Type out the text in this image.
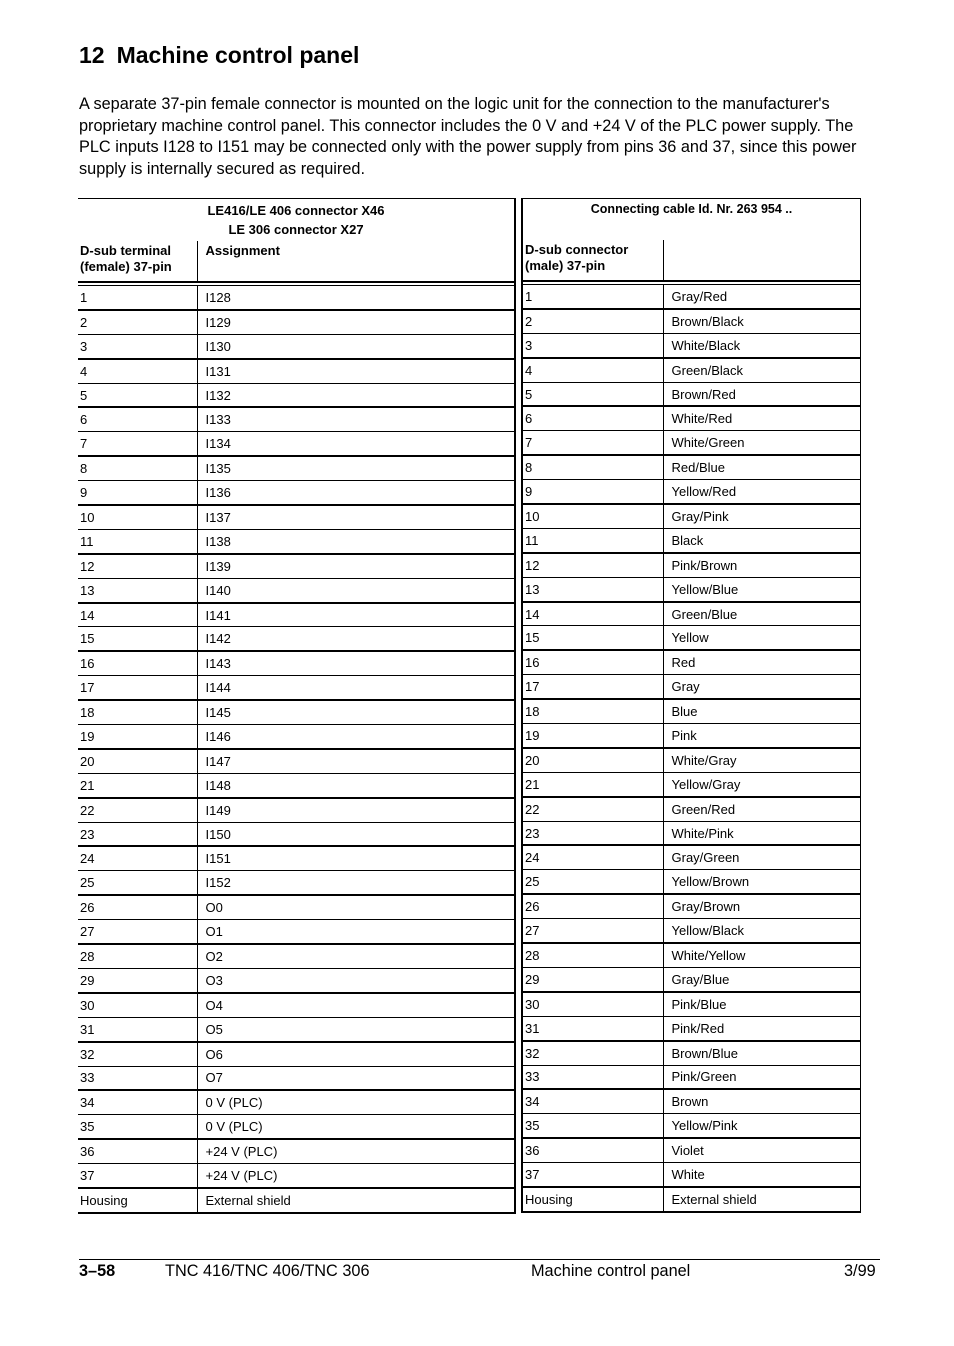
12 Machine control panel

A separate 37-pin female connector is mounted on the logic unit for the connection to the manufacturer's proprietary machine control panel. This connector includes the 0 V and +24 V of the PLC power supply. The PLC inputs I128 to I151 may be connected only with the power supply from pins 36 and 37, since this power supply is internally secured as required.

LE416/LE 406 connector X46
LE 306 connector X27	

D-sub terminal (female) 37-pin	Assignment

1	I128
2	I129
3	I130
4	I131
5	I132
6	I133
7	I134
8	I135
9	I136
10	I137
11	I138
12	I139
13	I140
14	I141
15	I142
16	I143
17	I144
18	I145
19	I146
20	I147
21	I148
22	I149
23	I150
24	I151
25	I152
26	O0
27	O1
28	O2
29	O3
30	O4
31	O5
32	O6
33	O7
34	0 V (PLC)
35	0 V (PLC)
36	+24 V (PLC)
37	+24 V (PLC)
Housing	External shield
Connecting cable Id. Nr. 263 954 ..	
D-sub connector (male) 37-pin	

1	Gray/Red
2	Brown/Black
3	White/Black
4	Green/Black
5	Brown/Red
6	White/Red
7	White/Green
8	Red/Blue
9	Yellow/Red
10	Gray/Pink
11	Black
12	Pink/Brown
13	Yellow/Blue
14	Green/Blue
15	Yellow
16	Red
17	Gray
18	Blue
19	Pink
20	White/Gray
21	Yellow/Gray
22	Green/Red
23	White/Pink
24	Gray/Green
25	Yellow/Brown
26	Gray/Brown
27	Yellow/Black
28	White/Yellow
29	Gray/Blue
30	Pink/Blue
31	Pink/Red
32	Brown/Blue
33	Pink/Green
34	Brown
35	Yellow/Pink
36	Violet
37	White
Housing	External shield
3–58	TNC 416/TNC 406/TNC 306	Machine control panel	3/99
